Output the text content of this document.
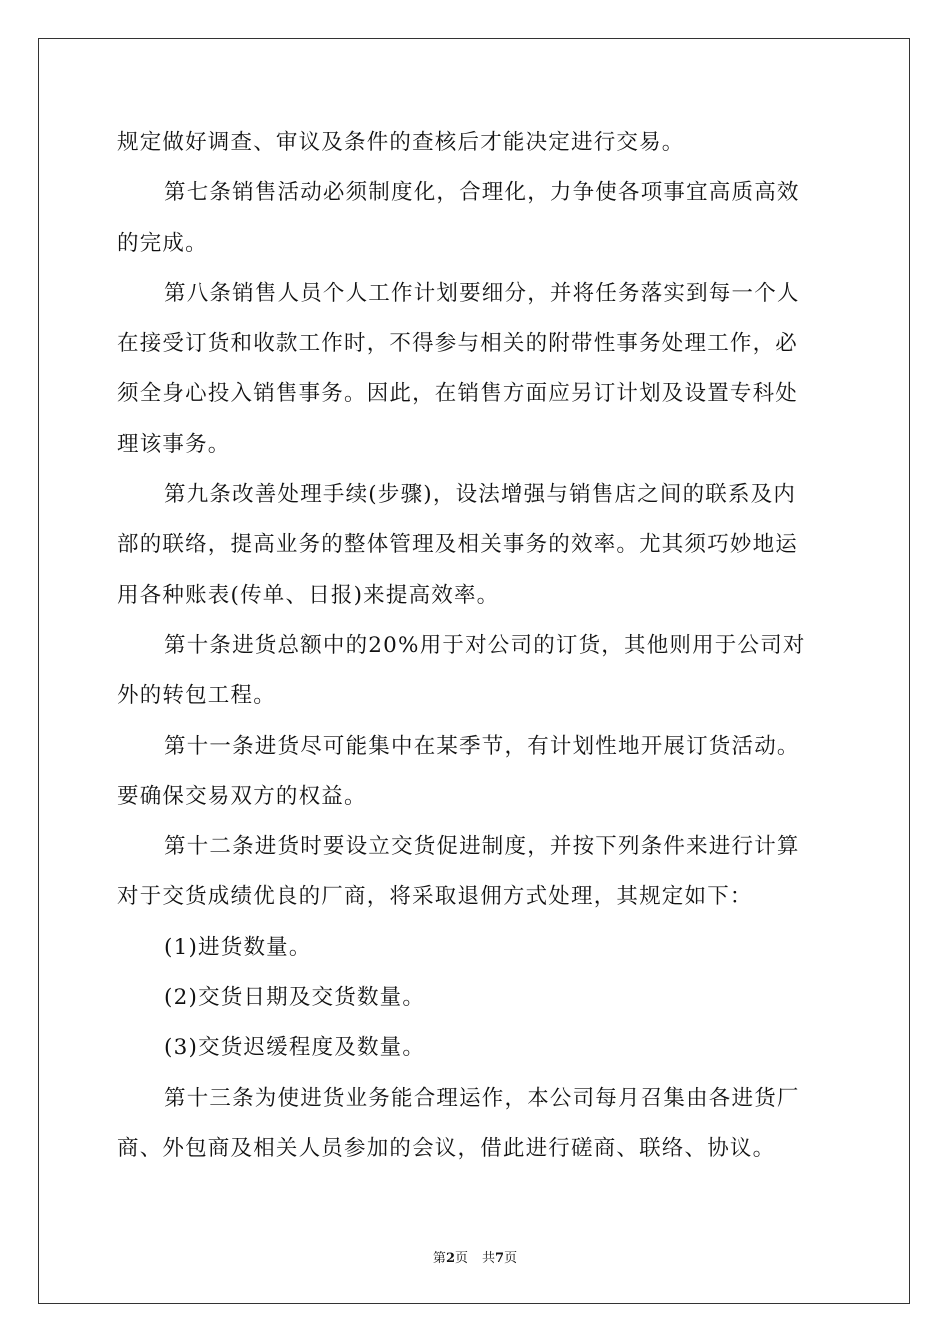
规定做好调查、审议及条件的查核后才能决定进行交易。
第七条销售活动必须制度化，合理化，力争使各项事宜高质高效
的完成。
第八条销售人员个人工作计划要细分，并将任务落实到每一个人
在接受订货和收款工作时，不得参与相关的附带性事务处理工作，必
须全身心投入销售事务。因此，在销售方面应另订计划及设置专科处
理该事务。
第九条改善处理手续(步骤)，设法增强与销售店之间的联系及内
部的联络，提高业务的整体管理及相关事务的效率。尤其须巧妙地运
用各种账表(传单、日报)来提高效率。
第十条进货总额中的20%用于对公司的订货，其他则用于公司对
外的转包工程。
第十一条进货尽可能集中在某季节，有计划性地开展订货活动。
要确保交易双方的权益。
第十二条进货时要设立交货促进制度，并按下列条件来进行计算
对于交货成绩优良的厂商，将采取退佣方式处理，其规定如下：
(1)进货数量。
(2)交货日期及交货数量。
(3)交货迟缓程度及数量。
第十三条为使进货业务能合理运作，本公司每月召集由各进货厂
商、外包商及相关人员参加的会议，借此进行磋商、联络、协议。
第2页 共7页
